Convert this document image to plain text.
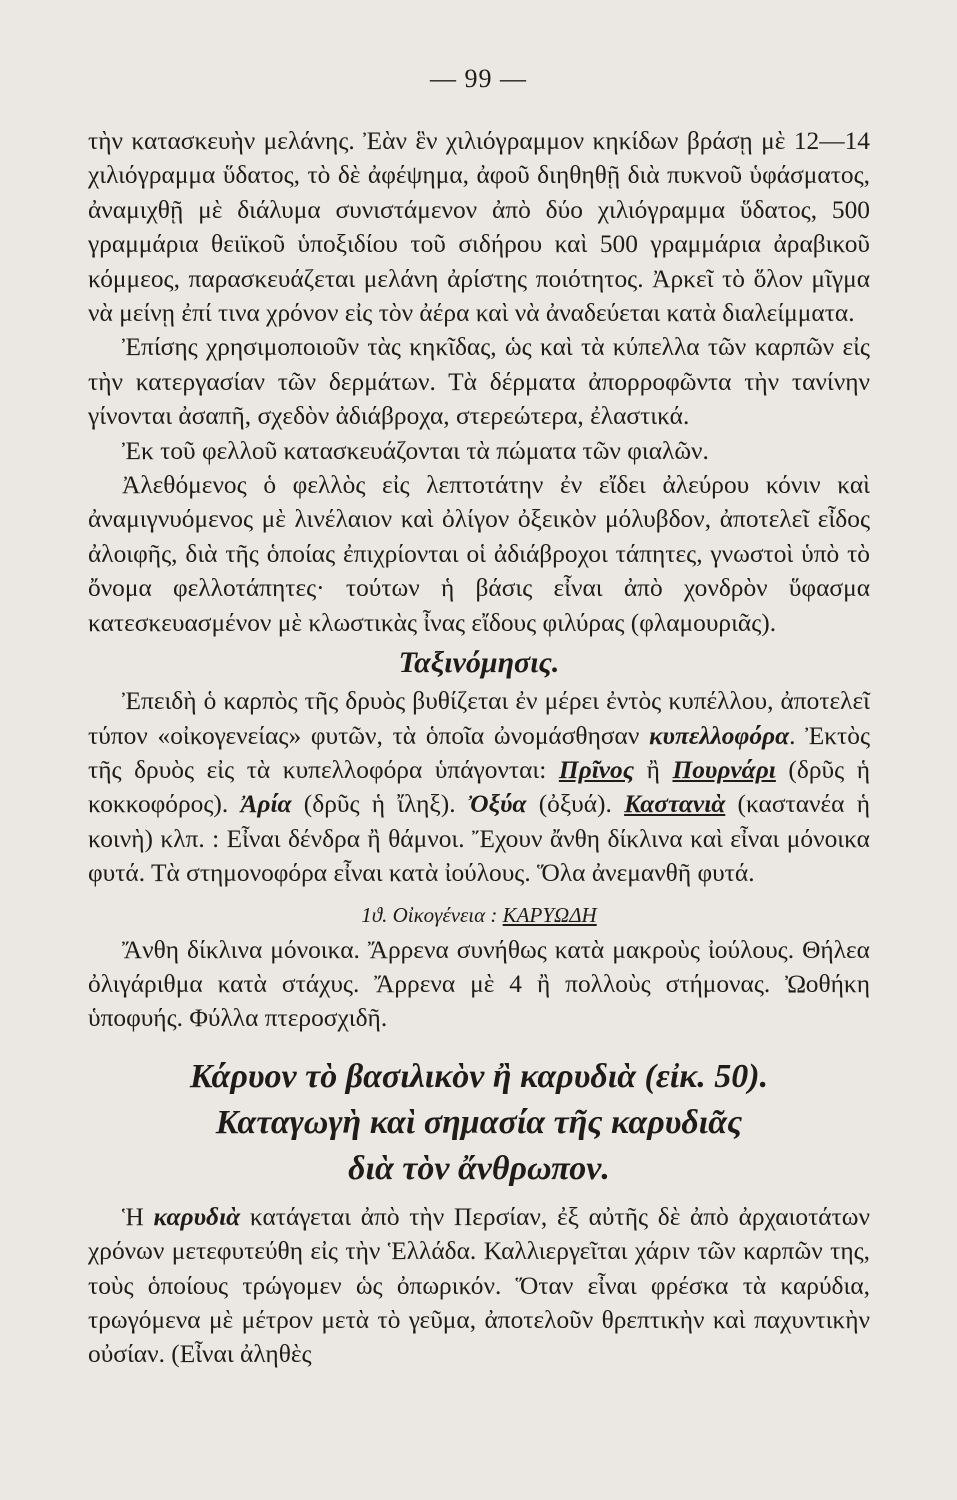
— 99 —

τὴν κατασκευὴν μελάνης. Ἐὰν ἓν χιλιόγραμμον κηκίδων βράσῃ μὲ 12—14 χιλιόγραμμα ὕδατος, τὸ δὲ ἀφέψημα, ἀφοῦ διηθηθῇ διὰ πυκνοῦ ὑφάσματος, ἀναμιχθῇ μὲ διάλυμα συνιστάμενον ἀπὸ δύο χιλιόγραμμα ὕδατος, 500 γραμμάρια θειϊκοῦ ὑποξιδίου τοῦ σιδήρου καὶ 500 γραμμάρια ἀραβικοῦ κόμμεος, παρασκευάζεται μελάνη ἀρίστης ποιότητος. Ἀρκεῖ τὸ ὅλον μῖγμα νὰ μείνῃ ἐπί τινα χρόνον εἰς τὸν ἀέρα καὶ νὰ ἀναδεύεται κατὰ διαλείμματα.

Ἐπίσης χρησιμοποιοῦν τὰς κηκῖδας, ὡς καὶ τὰ κύπελλα τῶν καρπῶν εἰς τὴν κατεργασίαν τῶν δερμάτων. Τὰ δέρματα ἀπορροφῶντα τὴν τανίνην γίνονται ἀσαπῆ, σχεδὸν ἀδιάβροχα, στερεώτερα, ἐλαστικά.

Ἐκ τοῦ φελλοῦ κατασκευάζονται τὰ πώματα τῶν φιαλῶν.

Ἀλεθόμενος ὁ φελλὸς εἰς λεπτοτάτην ἐν εἴδει ἀλεύρου κόνιν καὶ ἀναμιγνυόμενος μὲ λινέλαιον καὶ ὀλίγον ὀξεικὸν μόλυβδον, ἀποτελεῖ εἶδος ἀλοιφῆς, διὰ τῆς ὁποίας ἐπιχρίονται οἱ ἀδιάβροχοι τάπητες, γνωστοὶ ὑπὸ τὸ ὄνομα φελλοτάπητες· τούτων ἡ βάσις εἶναι ἀπὸ χονδρὸν ὕφασμα κατεσκευασμένον μὲ κλωστικὰς ἶνας εἴδους φιλύρας (φλαμουριᾶς).

Ταξινόμησις.

Ἐπειδὴ ὁ καρπὸς τῆς δρυὸς βυθίζεται ἐν μέρει ἐντὸς κυπέλλου, ἀποτελεῖ τύπον «οἰκογενείας» φυτῶν, τὰ ὁποῖα ὠνομάσθησαν κυπελλοφόρα. Ἐκτὸς τῆς δρυὸς εἰς τὰ κυπελλοφόρα ὑπάγονται: Πρῖνος ἢ Πουρνάρι (δρῦς ἡ κοκκοφόρος). Ἀρία (δρῦς ἡ ἴληξ). Ὀξύα (ὀξυά). Καστανιὰ (καστανέα ἡ κοινὴ) κλπ. : Εἶναι δένδρα ἢ θάμνοι. Ἔχουν ἄνθη δίκλινα καὶ εἶναι μόνοικα φυτά. Τὰ στημονοφόρα εἶναι κατὰ ἰούλους. Ὅλα ἀνεμανθῆ φυτά.

1ϑ. Οἰκογένεια : ΚΑΡΥΩΔΗ

Ἄνθη δίκλινα μόνοικα. Ἄρρενα συνήθως κατὰ μακροὺς ἰούλους. Θήλεα ὀλιγάριθμα κατὰ στάχυς. Ἄρρενα μὲ 4 ἢ πολλοὺς στήμονας. Ὠοθήκη ὑποφυής. Φύλλα πτεροσχιδῆ.

Κάρυον τὸ βασιλικὸν ἢ καρυδιὰ (εἰκ. 50).
Καταγωγὴ καὶ σημασία τῆς καρυδιᾶς
διὰ τὸν ἄνθρωπον.

Ἡ καρυδιὰ κατάγεται ἀπὸ τὴν Περσίαν, ἐξ αὐτῆς δὲ ἀπὸ ἀρχαιοτάτων χρόνων μετεφυτεύθη εἰς τὴν Ἑλλάδα. Καλλιεργεῖται χάριν τῶν καρπῶν της, τοὺς ὁποίους τρώγομεν ὡς ὀπωρικόν. Ὅταν εἶναι φρέσκα τὰ καρύδια, τρωγόμενα μὲ μέτρον μετὰ τὸ γεῦμα, ἀποτελοῦν θρεπτικὴν καὶ παχυντικὴν οὐσίαν. (Εἶναι ἀληθὲς
